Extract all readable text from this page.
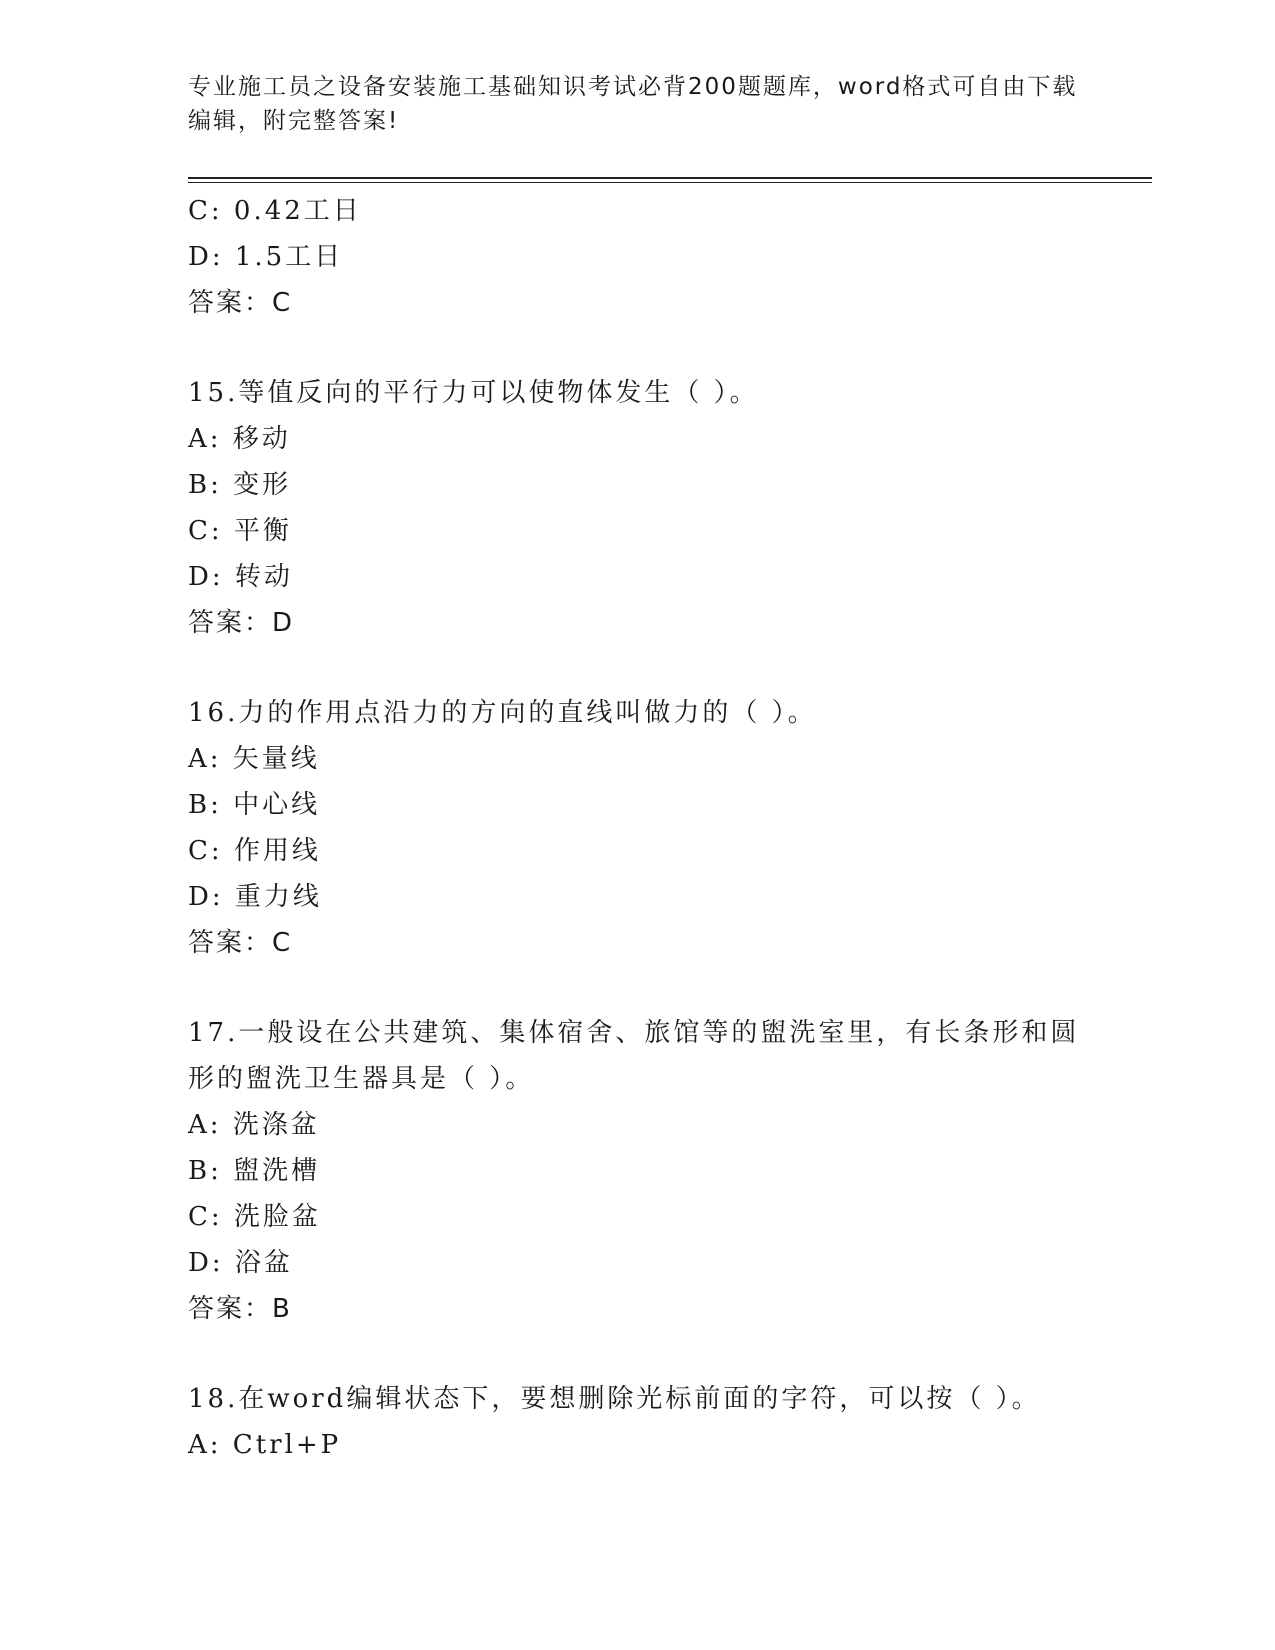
专业施工员之设备安装施工基础知识考试必背200题题库，word格式可自由下载
编辑，附完整答案!
C: 0.42工日
D: 1.5工日
答案：C
15.等值反向的平行力可以使物体发生（ ）。
A: 移动
B: 变形
C: 平衡
D: 转动
答案：D
16.力的作用点沿力的方向的直线叫做力的（ ）。
A: 矢量线
B: 中心线
C: 作用线
D: 重力线
答案：C
17.一般设在公共建筑、集体宿舍、旅馆等的盥洗室里，有长条形和圆
形的盥洗卫生器具是（ ）。
A: 洗涤盆
B: 盥洗槽
C: 洗脸盆
D: 浴盆
答案：B
18.在word编辑状态下，要想删除光标前面的字符，可以按（ ）。
A: Ctrl+P
